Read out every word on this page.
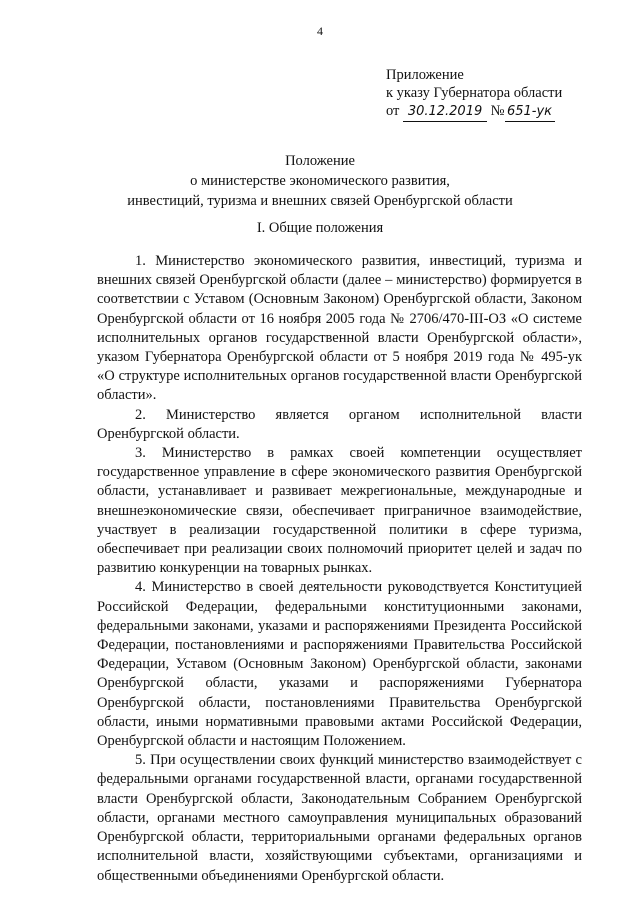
4
Приложение
к указу Губернатора области
от 30.12.2019 № 651-ук
Положение
о министерстве экономического развития,
инвестиций, туризма и внешних связей Оренбургской области
I. Общие положения

1. Министерство экономического развития, инвестиций, туризма и внешних связей Оренбургской области (далее – министерство) формируется в соответствии с Уставом (Основным Законом) Оренбургской области, Законом Оренбургской области от 16 ноября 2005 года № 2706/470-III-ОЗ «О системе исполнительных органов государственной власти Оренбургской области», указом Губернатора Оренбургской области от 5 ноября 2019 года № 495-ук «О структуре исполнительных органов государственной власти Оренбургской области».

2. Министерство является органом исполнительной власти Оренбургской области.

3. Министерство в рамках своей компетенции осуществляет государственное управление в сфере экономического развития Оренбургской области, устанавливает и развивает межрегиональные, международные и внешнеэкономические связи, обеспечивает приграничное взаимодействие, участвует в реализации государственной политики в сфере туризма, обеспечивает при реализации своих полномочий приоритет целей и задач по развитию конкуренции на товарных рынках.

4. Министерство в своей деятельности руководствуется Конституцией Российской Федерации, федеральными конституционными законами, федеральными законами, указами и распоряжениями Президента Российской Федерации, постановлениями и распоряжениями Правительства Российской Федерации, Уставом (Основным Законом) Оренбургской области, законами Оренбургской области, указами и распоряжениями Губернатора Оренбургской области, постановлениями Правительства Оренбургской области, иными нормативными правовыми актами Российской Федерации, Оренбургской области и настоящим Положением.

5. При осуществлении своих функций министерство взаимодействует с федеральными органами государственной власти, органами государственной власти Оренбургской области, Законодательным Собранием Оренбургской области, органами местного самоуправления муниципальных образований Оренбургской области, территориальными органами федеральных органов исполнительной власти, хозяйствующими субъектами, организациями и общественными объединениями Оренбургской области.
